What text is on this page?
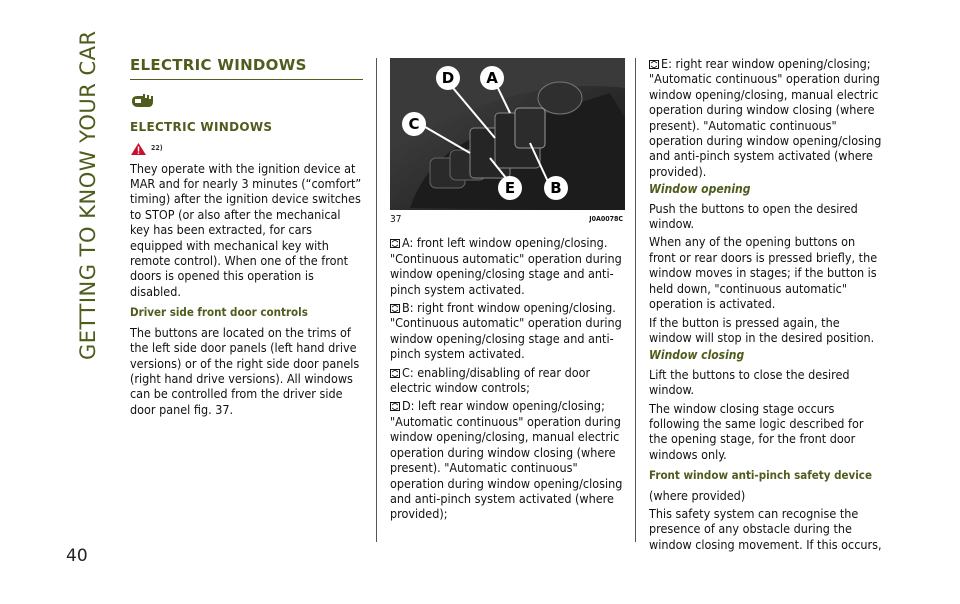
GETTING TO KNOW YOUR CAR
40
ELECTRIC WINDOWS
ELECTRIC WINDOWS
22)

They operate with the ignition device at MAR and for nearly 3 minutes (“comfort” timing) after the ignition device switches to STOP (or also after the mechanical key has been extracted, for cars equipped with mechanical key with remote control). When one of the front doors is opened this operation is disabled.

Driver side front door controls

The buttons are located on the trims of the left side door panels (left hand drive versions) or of the right side door panels (right hand drive versions). All windows can be controlled from the driver side door panel fig. 37.

D A
C
E B
37	J0A0078C

A: front left window opening/closing. "Continuous automatic" operation during window opening/closing stage and anti-pinch system activated.

B: right front window opening/closing. "Continuous automatic" operation during window opening/closing stage and anti-pinch system activated.

C: enabling/disabling of rear door electric window controls;

D: left rear window opening/closing; "Automatic continuous" operation during window opening/closing, manual electric operation during window closing (where present). "Automatic continuous" operation during window opening/closing and anti-pinch system activated (where provided);

E: right rear window opening/closing; "Automatic continuous" operation during window opening/closing, manual electric operation during window closing (where present). "Automatic continuous" operation during window opening/closing and anti-pinch system activated (where provided).

Window opening

Push the buttons to open the desired window.

When any of the opening buttons on front or rear doors is pressed briefly, the window moves in stages; if the button is held down, "continuous automatic" operation is activated.

If the button is pressed again, the window will stop in the desired position.

Window closing

Lift the buttons to close the desired window.

The window closing stage occurs following the same logic described for the opening stage, for the front door windows only.

Front window anti-pinch safety device

(where provided)

This safety system can recognise the presence of any obstacle during the window closing movement. If this occurs,
